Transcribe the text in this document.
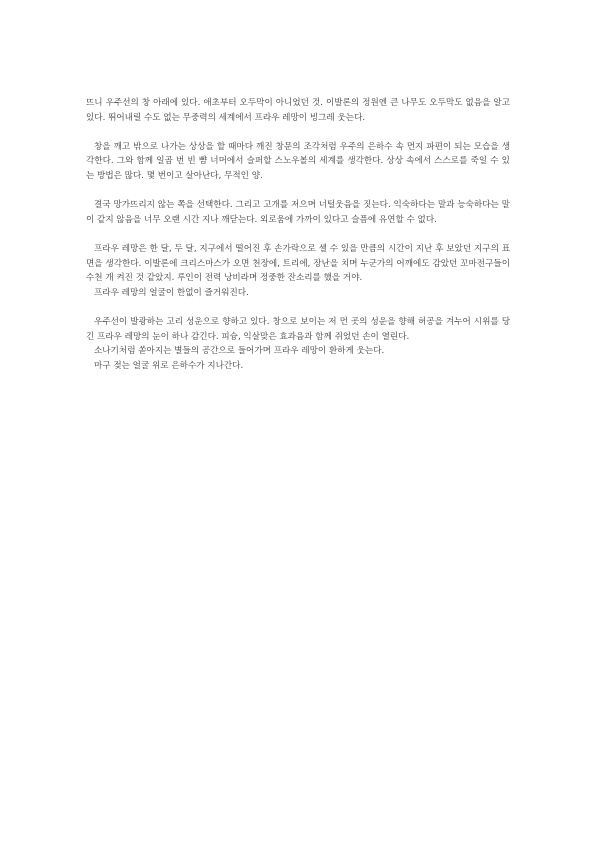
뜨니 우주선의 창 아래에 있다. 애초부터 오두막이 아니었던 것. 이발론의 정원엔 큰 나무도 오두막도 없음을 알고 있다. 뛰어내릴 수도 없는 무중력의 세계에서 프라우 레망이 빙그레 웃는다.

창을 깨고 밖으로 나가는 상상을 할 때마다 깨진 창문의 조각처럼 우주의 은하수 속 먼지 파편이 되는 모습을 생각한다. 그와 함께 일곱 번 빈 뺨 너머에서 슬퍼할 스노우볼의 세계를 생각한다. 상상 속에서 스스로를 죽일 수 있는 방법은 많다. 몇 번이고 살아난다, 무적인 양.

결국 망가뜨리지 않는 쪽을 선택한다. 그리고 고개를 저으며 너털웃음을 짓는다. 익숙하다는 말과 능숙하다는 말이 같지 않음을 너무 오랜 시간 지나 깨닫는다. 외로움에 가까이 있다고 슬픔에 유연할 수 없다.

프라우 레망은 한 달, 두 달, 지구에서 떨어진 후 손가락으로 셀 수 있을 만큼의 시간이 지난 후 보았던 지구의 표면을 생각한다. 이발론에 크리스마스가 오면 천장에, 트리에, 장난을 치며 누군가의 어깨에도 감았던 꼬마전구들이 수천 개 켜진 것 같았지. 루인이 전력 낭비라며 정중한 잔소리를 했을 거야.

프라우 레망의 얼굴이 한없이 즐거워진다.

우주선이 발광하는 고리 성운으로 향하고 있다. 창으로 보이는 저 먼 곳의 성운을 향해 허공을 겨누어 시위를 당긴 프라우 레망의 눈이 하나 감긴다. 피슝, 익살맞은 효과음과 함께 쥐었던 손이 열린다.

소나기처럼 쏟아지는 별들의 공간으로 들어가며 프라우 레망이 환하게 웃는다.

마구 젖는 얼굴 위로 은하수가 지나간다.
